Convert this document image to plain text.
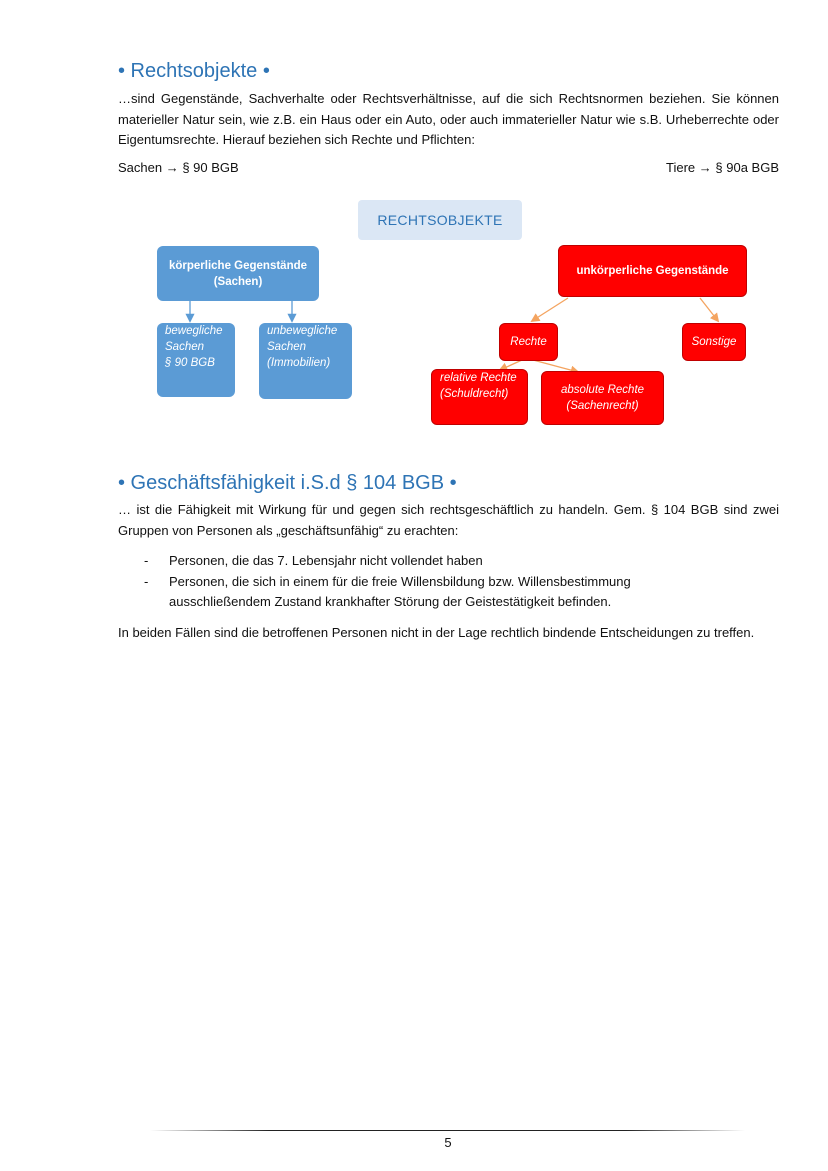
• Rechtsobjekte •

…sind Gegenstände, Sachverhalte oder Rechtsverhältnisse, auf die sich Rechtsnormen beziehen. Sie können materieller Natur sein, wie z.B. ein Haus oder ein Auto, oder auch immaterieller Natur wie s.B. Urheberrechte oder Eigentumsrechte. Hierauf beziehen sich Rechte und Pflichten:

Sachen → § 90 BGB	Tiere → § 90a BGB
RECHTSOBJEKTE
körperliche Gegenstände (Sachen)
bewegliche
Sachen
§ 90 BGB
unbewegliche
Sachen
(Immobilien)
unkörperliche Gegenstände
Rechte	Sonstige
relative Rechte
(Schuldrecht)	absolute Rechte
(Sachenrecht)
• Geschäftsfähigkeit i.S.d § 104 BGB •

… ist die Fähigkeit mit Wirkung für und gegen sich rechtsgeschäftlich zu handeln. Gem. § 104 BGB sind zwei Gruppen von Personen als „geschäftsunfähig“ zu erachten:

-	Personen, die das 7. Lebensjahr nicht vollendet haben
-	Personen, die sich in einem für die freie Willensbildung bzw. Willensbestimmung ausschließendem Zustand krankhafter Störung der Geistestätigkeit befinden.

In beiden Fällen sind die betroffenen Personen nicht in der Lage rechtlich bindende Entscheidungen zu treffen.

5
